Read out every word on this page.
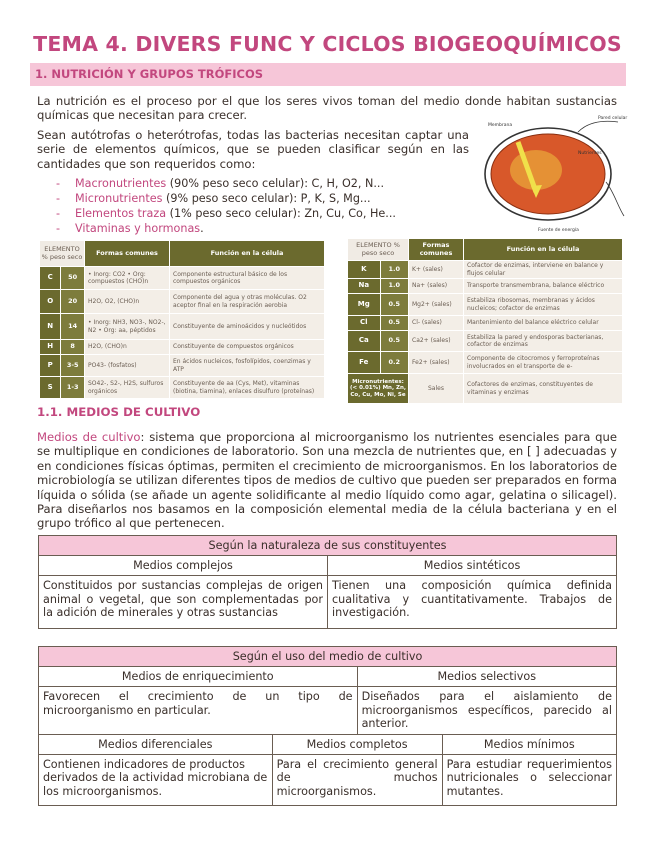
TEMA 4. DIVERS FUNC Y CICLOS BIOGEOQUÍMICOS
1. NUTRICIÓN Y GRUPOS TRÓFICOS
La nutrición es el proceso por el que los seres vivos toman del medio donde habitan sustancias químicas que necesitan para crecer.
Sean autótrofas o heterótrofas, todas las bacterias necesitan captar una serie de elementos químicos, que se pueden clasificar según en las cantidades que son requeridos como:
- Macronutrientes (90% peso seco celular): C, H, O2, N...
- Micronutrientes (9% peso seco celular): P, K, S, Mg...
- Elementos traza (1% peso seco celular): Zn, Cu, Co, He...
- Vitaminas y hormonas.
Pared celular
Membrana
Fuente de energía
Nutrientes
ELEMENTO % peso seco		Formas comunes	Función en la célula
C	50	• Inorg: CO2 • Org: compuestos (CHO)n	Componente estructural básico de los compuestos orgánicos
O	20	H2O, O2, (CHO)n	Componente del agua y otras moléculas. O2 aceptor final en la respiración aerobia
N	14	• Inorg: NH3, NO3-, NO2-, N2 • Org: aa, péptidos	Constituyente de aminoácidos y nucleótidos
H	8	H2O, (CHO)n	Constituyente de compuestos orgánicos
P	3-5	PO43- (fosfatos)	En ácidos nucleicos, fosfolípidos, coenzimas y ATP
S	1-3	SO42-, S2-, H2S, sulfuros orgánicos	Constituyente de aa (Cys, Met), vitaminas (biotina, tiamina), enlaces disulfuro (proteínas)
ELEMENTO % peso seco		Formas comunes	Función en la célula
K	1.0	K+ (sales)	Cofactor de enzimas, interviene en balance y flujos celular
Na	1.0	Na+ (sales)	Transporte transmembrana, balance eléctrico
Mg	0.5	Mg2+ (sales)	Estabiliza ribosomas, membranas y ácidos nucleicos; cofactor de enzimas
Cl	0.5	Cl- (sales)	Mantenimiento del balance eléctrico celular
Ca	0.5	Ca2+ (sales)	Estabiliza la pared y endosporas bacterianas, cofactor de enzimas
Fe	0.2	Fe2+ (sales)	Componente de citocromos y ferroproteínas involucrados en el transporte de e-
Micronutrientes: (< 0.01%) Mn, Zn, Co, Cu, Mo, Ni, Se		Sales	Cofactores de enzimas, constituyentes de vitaminas y enzimas
1.1. MEDIOS DE CULTIVO
Medios de cultivo: sistema que proporciona al microorganismo los nutrientes esenciales para que se multiplique en condiciones de laboratorio. Son una mezcla de nutrientes que, en [ ] adecuadas y en condiciones físicas óptimas, permiten el crecimiento de microorganismos. En los laboratorios de microbiología se utilizan diferentes tipos de medios de cultivo que pueden ser preparados en forma líquida o sólida (se añade un agente solidificante al medio líquido como agar, gelatina o silicagel). Para diseñarlos nos basamos en la composición elemental media de la célula bacteriana y en el grupo trófico al que pertenecen.
Según la naturaleza de sus constituyentes	
Medios complejos	Medios sintéticos
Constituidos por sustancias complejas de origen animal o vegetal, que son complementadas por la adición de minerales y otras sustancias	Tienen una composición química definida cualitativa y cuantitativamente. Trabajos de investigación.
Según el uso del medio de cultivo			
Medios de enriquecimiento		Medios selectivos	
Favorecen el crecimiento de un tipo de microorganismo en particular.		Diseñados para el aislamiento de microorganismos específicos, parecido al anterior.	
Medios diferenciales	Medios completos		Medios mínimos
Contienen indicadores de productos derivados de la actividad microbiana de los microorganismos.	Para el crecimiento general de muchos microorganismos.		Para estudiar requerimientos nutricionales o seleccionar mutantes.
